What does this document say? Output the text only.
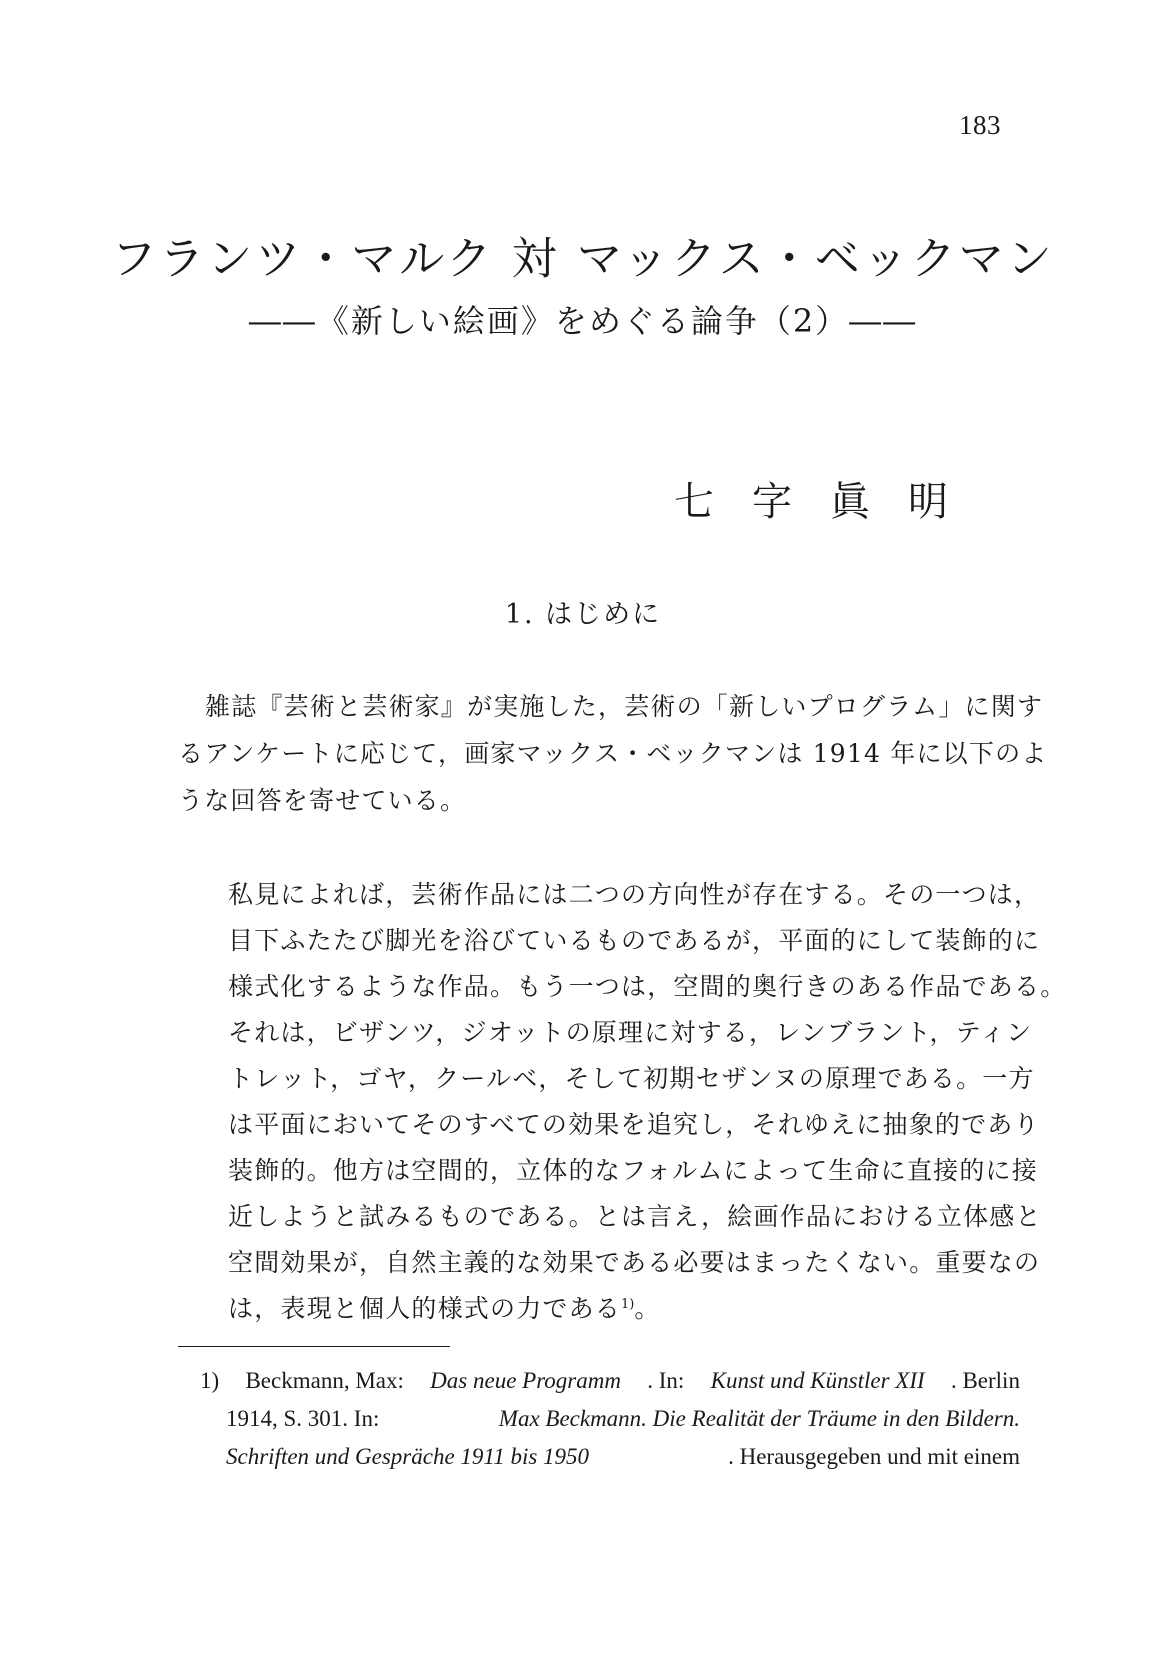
183
フランツ・マルク 対 マックス・ベックマン
――《新しい絵画》をめぐる論争（2）――
七字眞明
1. はじめに
雑誌『芸術と芸術家』が実施した，芸術の「新しいプログラム」に関す
るアンケートに応じて，画家マックス・ベックマンは 1914 年に以下のよ
うな回答を寄せている。
私見によれば，芸術作品には二つの方向性が存在する。その一つは，
目下ふたたび脚光を浴びているものであるが，平面的にして装飾的に
様式化するような作品。もう一つは，空間的奥行きのある作品である。
それは，ビザンツ，ジオットの原理に対する，レンブラント，ティン
トレット，ゴヤ，クールベ，そして初期セザンヌの原理である。一方
は平面においてそのすべての効果を追究し，それゆえに抽象的であり
装飾的。他方は空間的，立体的なフォルムによって生命に直接的に接
近しようと試みるものである。とは言え，絵画作品における立体感と
空間効果が，自然主義的な効果である必要はまったくない。重要なの
は，表現と個人的様式の力である$^{1)}$。
1) Beckmann, Max: Das neue Programm . In: Kunst und Künstler XII . Berlin
1914, S. 301. In:	Max Beckmann. Die Realität der Träume in den Bildern.
Schriften und Gespräche 1911 bis 1950	. Herausgegeben und mit einem
